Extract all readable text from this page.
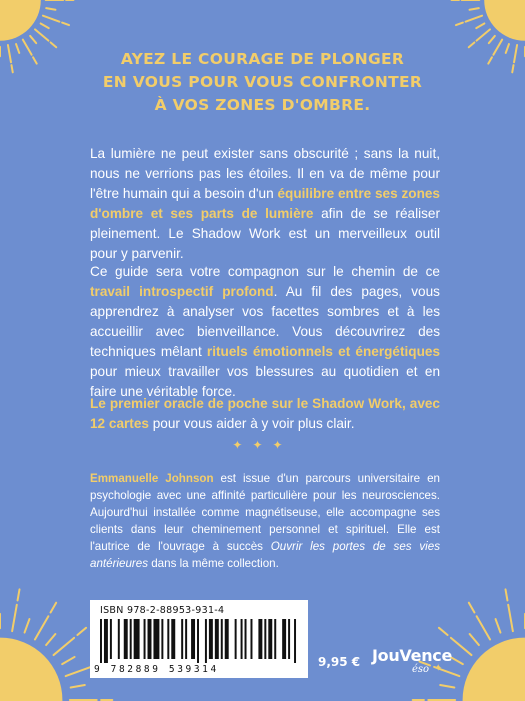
AYEZ LE COURAGE DE PLONGER
EN VOUS POUR VOUS CONFRONTER
À VOS ZONES D'OMBRE.

La lumière ne peut exister sans obscurité ; sans la nuit, nous ne verrions pas les étoiles. Il en va de même pour l'être humain qui a besoin d'un équilibre entre ses zones d'ombre et ses parts de lumière afin de se réaliser pleinement. Le Shadow Work est un merveilleux outil pour y parvenir.

Ce guide sera votre compagnon sur le chemin de ce travail introspectif profond. Au fil des pages, vous apprendrez à analyser vos facettes sombres et à les accueillir avec bienveillance. Vous découvrirez des techniques mêlant rituels émotionnels et énergétiques pour mieux travailler vos blessures au quotidien et en faire une véritable force.

Le premier oracle de poche sur le Shadow Work, avec 12 cartes pour vous aider à y voir plus clair.

✦✦✦

Emmanuelle Johnson est issue d'un parcours universitaire en psychologie avec une affinité particulière pour les neurosciences. Aujourd'hui installée comme magnétiseuse, elle accompagne ses clients dans leur cheminement personnel et spirituel. Elle est l'autrice de l'ouvrage à succès Ouvrir les portes de ses vies antérieures dans la même collection.

ISBN 978-2-88953-931-4
9 782889 539314
9,95 € JouVence
éso ✦
